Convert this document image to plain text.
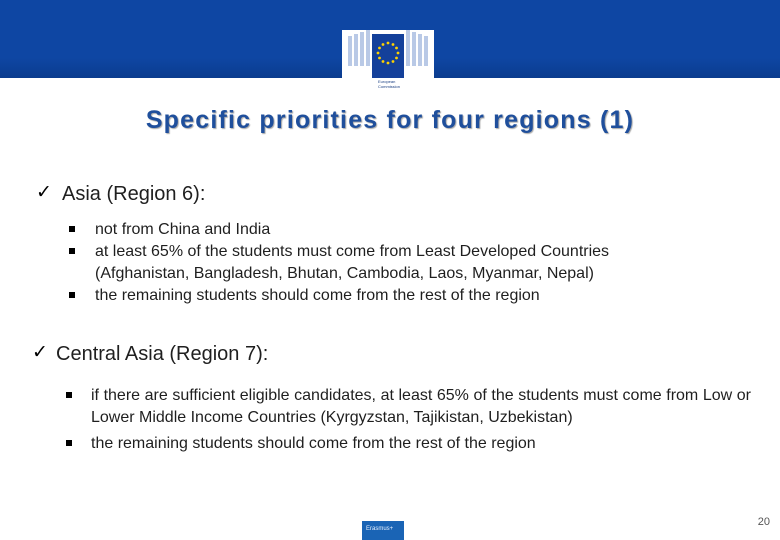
European
Commission
Specific priorities for four regions (1)
✓ Asia (Region 6):
not from China and India
at least 65% of the students must come from Least Developed Countries (Afghanistan, Bangladesh, Bhutan, Cambodia, Laos, Myanmar, Nepal)
the remaining students should come from the rest of the region
✓ Central Asia (Region 7):
if there are sufficient eligible candidates, at least 65% of the students must come from Low or Lower Middle Income Countries (Kyrgyzstan, Tajikistan, Uzbekistan)
the remaining students should come from the rest of the region
Erasmus+
20
